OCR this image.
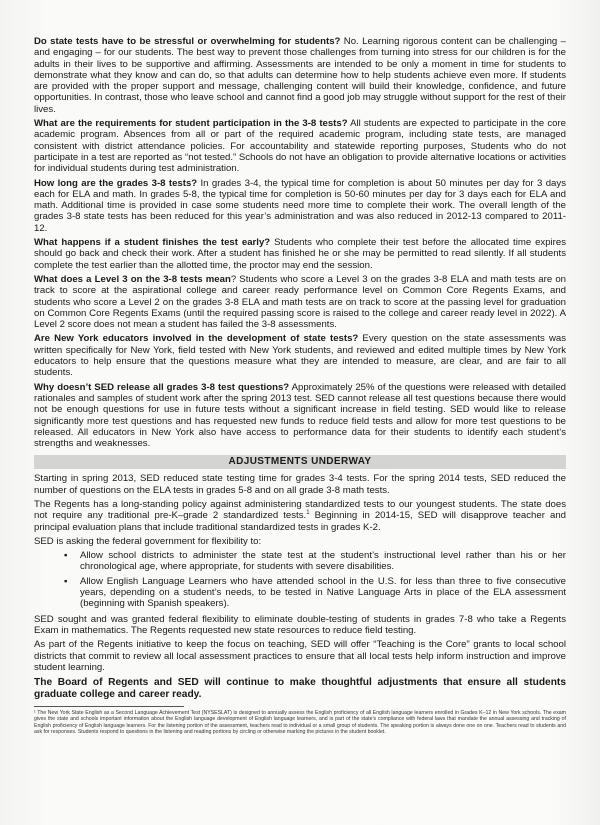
Do state tests have to be stressful or overwhelming for students? No. Learning rigorous content can be challenging – and engaging – for our students. The best way to prevent those challenges from turning into stress for our children is for the adults in their lives to be supportive and affirming. Assessments are intended to be only a moment in time for students to demonstrate what they know and can do, so that adults can determine how to help students achieve even more. If students are provided with the proper support and message, challenging content will build their knowledge, confidence, and future opportunities. In contrast, those who leave school and cannot find a good job may struggle without support for the rest of their lives.

What are the requirements for student participation in the 3-8 tests? All students are expected to participate in the core academic program. Absences from all or part of the required academic program, including state tests, are managed consistent with district attendance policies. For accountability and statewide reporting purposes, Students who do not participate in a test are reported as “not tested.” Schools do not have an obligation to provide alternative locations or activities for individual students during test administration.

How long are the grades 3-8 tests? In grades 3-4, the typical time for completion is about 50 minutes per day for 3 days each for ELA and math. In grades 5-8, the typical time for completion is 50-60 minutes per day for 3 days each for ELA and math. Additional time is provided in case some students need more time to complete their work. The overall length of the grades 3-8 state tests has been reduced for this year’s administration and was also reduced in 2012-13 compared to 2011-12.

What happens if a student finishes the test early? Students who complete their test before the allocated time expires should go back and check their work. After a student has finished he or she may be permitted to read silently. If all students complete the test earlier than the allotted time, the proctor may end the session.

What does a Level 3 on the 3-8 tests mean? Students who score a Level 3 on the grades 3-8 ELA and math tests are on track to score at the aspirational college and career ready performance level on Common Core Regents Exams, and students who score a Level 2 on the grades 3-8 ELA and math tests are on track to score at the passing level for graduation on Common Core Regents Exams (until the required passing score is raised to the college and career ready level in 2022). A Level 2 score does not mean a student has failed the 3-8 assessments.

Are New York educators involved in the development of state tests? Every question on the state assessments was written specifically for New York, field tested with New York students, and reviewed and edited multiple times by New York educators to help ensure that the questions measure what they are intended to measure, are clear, and are fair to all students.

Why doesn’t SED release all grades 3-8 test questions? Approximately 25% of the questions were released with detailed rationales and samples of student work after the spring 2013 test. SED cannot release all test questions because there would not be enough questions for use in future tests without a significant increase in field testing. SED would like to release significantly more test questions and has requested new funds to reduce field tests and allow for more test questions to be released. All educators in New York also have access to performance data for their students to identify each student’s strengths and weaknesses.

ADJUSTMENTS UNDERWAY

Starting in spring 2013, SED reduced state testing time for grades 3-4 tests. For the spring 2014 tests, SED reduced the number of questions on the ELA tests in grades 5-8 and on all grade 3-8 math tests.

The Regents has a long-standing policy against administering standardized tests to our youngest students. The state does not require any traditional pre-K–grade 2 standardized tests.$^1$ Beginning in 2014-15, SED will disapprove teacher and principal evaluation plans that include traditional standardized tests in grades K-2.

SED is asking the federal government for flexibility to:

▪ Allow school districts to administer the state test at the student’s instructional level rather than his or her chronological age, where appropriate, for students with severe disabilities.
▪ Allow English Language Learners who have attended school in the U.S. for less than three to five consecutive years, depending on a student’s needs, to be tested in Native Language Arts in place of the ELA assessment (beginning with Spanish speakers).

SED sought and was granted federal flexibility to eliminate double-testing of students in grades 7-8 who take a Regents Exam in mathematics. The Regents requested new state resources to reduce field testing.

As part of the Regents initiative to keep the focus on teaching, SED will offer “Teaching is the Core” grants to local school districts that commit to review all local assessment practices to ensure that all local tests help inform instruction and improve student learning.

The Board of Regents and SED will continue to make thoughtful adjustments that ensure all students graduate college and career ready.

¹ The New York State English as a Second Language Achievement Test (NYSESLAT) is designed to annually assess the English proficiency of all English language learners enrolled in Grades K–12 in New York schools. The exam gives the state and schools important information about the English language development of English language learners, and is part of the state’s compliance with federal laws that mandate the annual assessing and tracking of English proficiency of English language learners. For the listening portion of the assessment, teachers read to individual or a small group of students. The speaking portion is always done one on one. Teachers read to students and ask for responses. Students respond to questions in the listening and reading portions by circling or otherwise marking the pictures in the student booklet.
